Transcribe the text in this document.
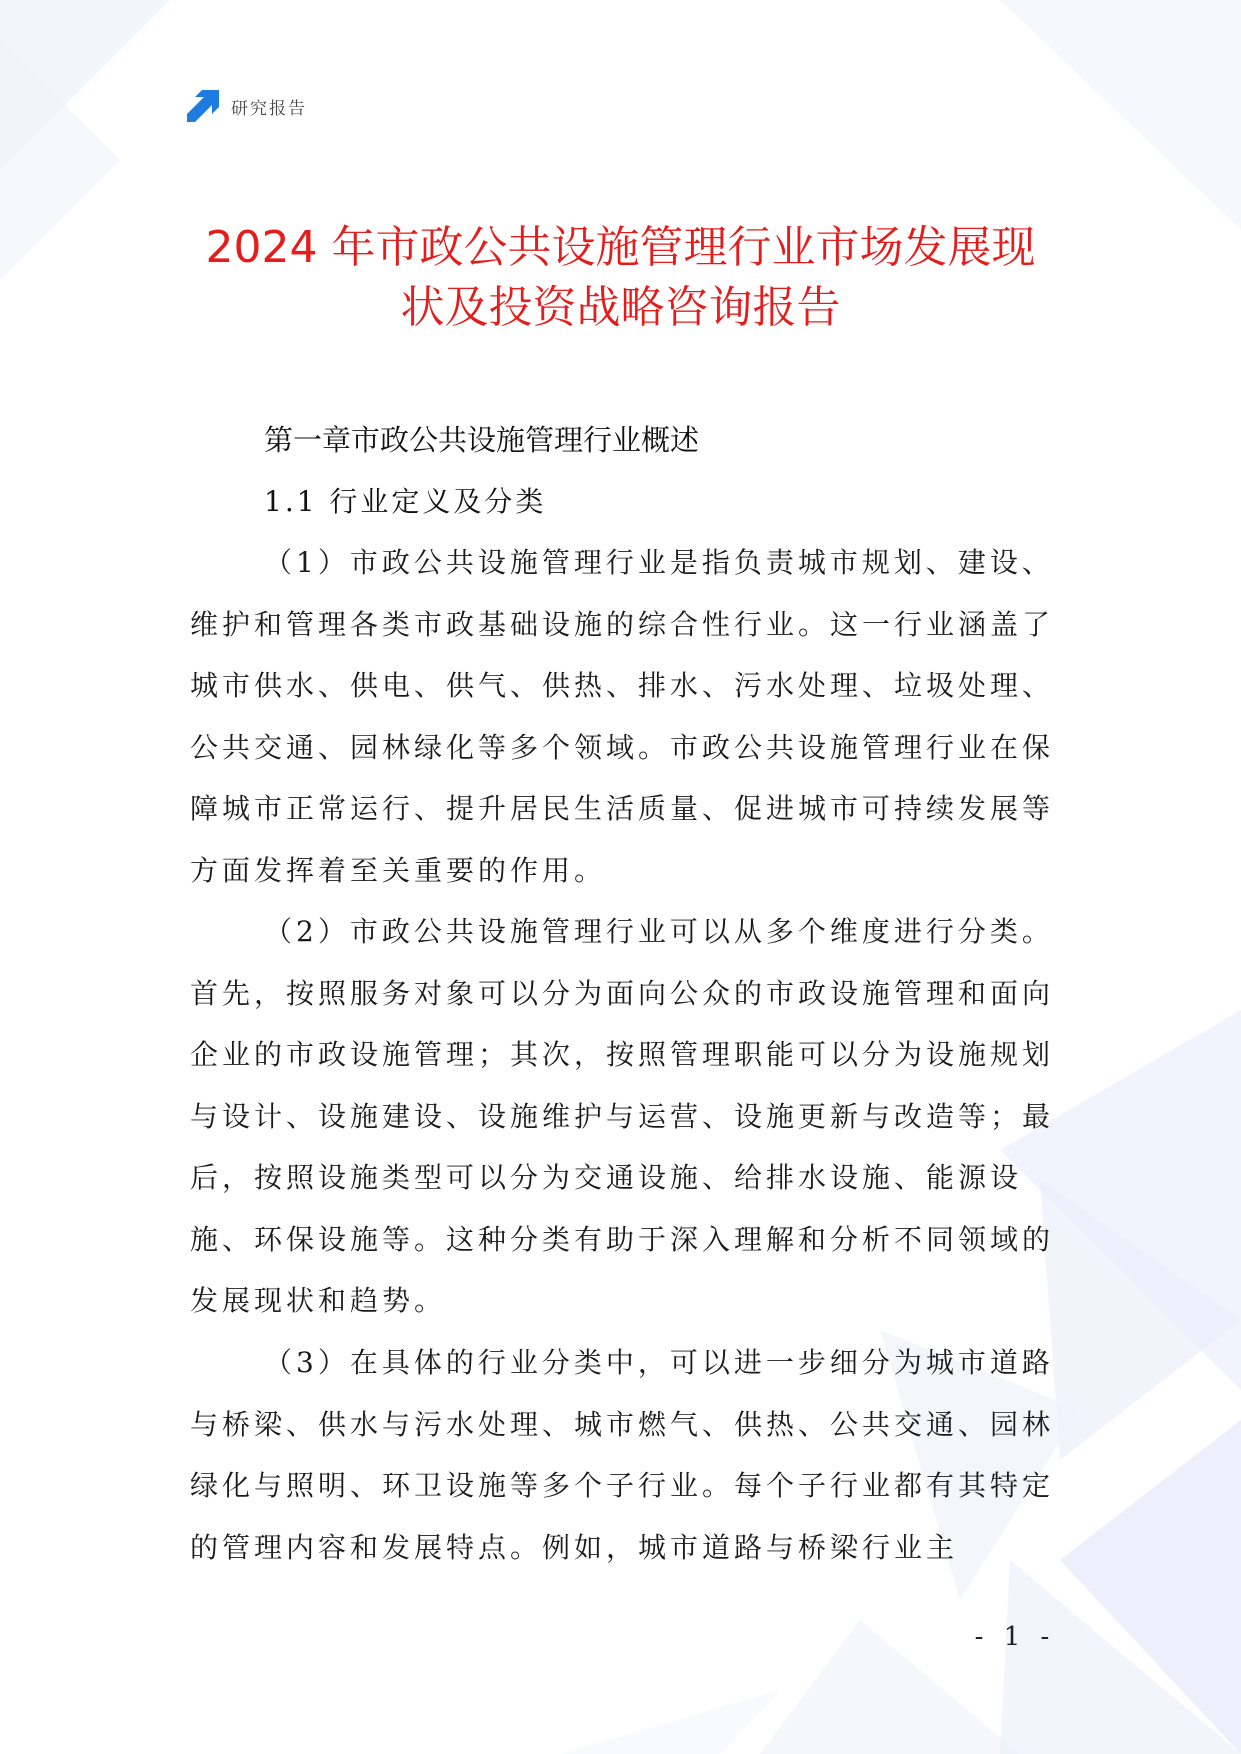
研究报告
2024 年市政公共设施管理行业市场发展现
状及投资战略咨询报告
第一章市政公共设施管理行业概述
1.1 行业定义及分类

（1）市政公共设施管理行业是指负责城市规划、建设、维护和管理各类市政基础设施的综合性行业。这一行业涵盖了城市供水、供电、供气、供热、排水、污水处理、垃圾处理、公共交通、园林绿化等多个领域。市政公共设施管理行业在保障城市正常运行、提升居民生活质量、促进城市可持续发展等方面发挥着至关重要的作用。

（2）市政公共设施管理行业可以从多个维度进行分类。首先，按照服务对象可以分为面向公众的市政设施管理和面向企业的市政设施管理；其次，按照管理职能可以分为设施规划与设计、设施建设、设施维护与运营、设施更新与改造等；最后，按照设施类型可以分为交通设施、给排水设施、能源设施、环保设施等。这种分类有助于深入理解和分析不同领域的发展现状和趋势。

（3）在具体的行业分类中，可以进一步细分为城市道路与桥梁、供水与污水处理、城市燃气、供热、公共交通、园林绿化与照明、环卫设施等多个子行业。每个子行业都有其特定的管理内容和发展特点。例如，城市道路与桥梁行业主

- 1 -
